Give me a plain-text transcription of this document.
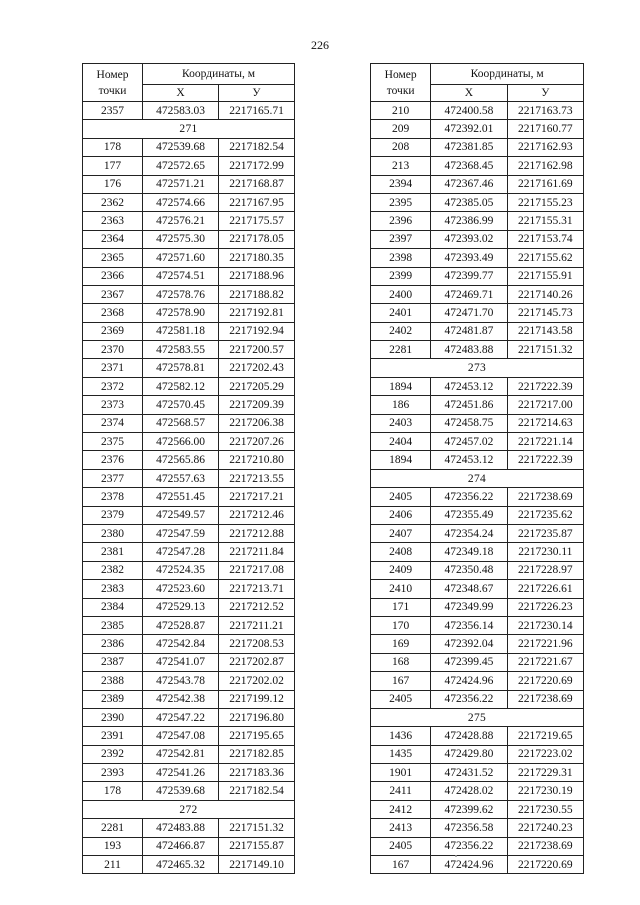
226
Номер
точки	Координаты, м	
	X	У
2357	472583.03	2217165.71
271		
178	472539.68	2217182.54
177	472572.65	2217172.99
176	472571.21	2217168.87
2362	472574.66	2217167.95
2363	472576.21	2217175.57
2364	472575.30	2217178.05
2365	472571.60	2217180.35
2366	472574.51	2217188.96
2367	472578.76	2217188.82
2368	472578.90	2217192.81
2369	472581.18	2217192.94
2370	472583.55	2217200.57
2371	472578.81	2217202.43
2372	472582.12	2217205.29
2373	472570.45	2217209.39
2374	472568.57	2217206.38
2375	472566.00	2217207.26
2376	472565.86	2217210.80
2377	472557.63	2217213.55
2378	472551.45	2217217.21
2379	472549.57	2217212.46
2380	472547.59	2217212.88
2381	472547.28	2217211.84
2382	472524.35	2217217.08
2383	472523.60	2217213.71
2384	472529.13	2217212.52
2385	472528.87	2217211.21
2386	472542.84	2217208.53
2387	472541.07	2217202.87
2388	472543.78	2217202.02
2389	472542.38	2217199.12
2390	472547.22	2217196.80
2391	472547.08	2217195.65
2392	472542.81	2217182.85
2393	472541.26	2217183.36
178	472539.68	2217182.54
272		
2281	472483.88	2217151.32
193	472466.87	2217155.87
211	472465.32	2217149.10
Номер
точки	Координаты, м	
	X	У
210	472400.58	2217163.73
209	472392.01	2217160.77
208	472381.85	2217162.93
213	472368.45	2217162.98
2394	472367.46	2217161.69
2395	472385.05	2217155.23
2396	472386.99	2217155.31
2397	472393.02	2217153.74
2398	472393.49	2217155.62
2399	472399.77	2217155.91
2400	472469.71	2217140.26
2401	472471.70	2217145.73
2402	472481.87	2217143.58
2281	472483.88	2217151.32
273		
1894	472453.12	2217222.39
186	472451.86	2217217.00
2403	472458.75	2217214.63
2404	472457.02	2217221.14
1894	472453.12	2217222.39
274		
2405	472356.22	2217238.69
2406	472355.49	2217235.62
2407	472354.24	2217235.87
2408	472349.18	2217230.11
2409	472350.48	2217228.97
2410	472348.67	2217226.61
171	472349.99	2217226.23
170	472356.14	2217230.14
169	472392.04	2217221.96
168	472399.45	2217221.67
167	472424.96	2217220.69
2405	472356.22	2217238.69
275		
1436	472428.88	2217219.65
1435	472429.80	2217223.02
1901	472431.52	2217229.31
2411	472428.02	2217230.19
2412	472399.62	2217230.55
2413	472356.58	2217240.23
2405	472356.22	2217238.69
167	472424.96	2217220.69
